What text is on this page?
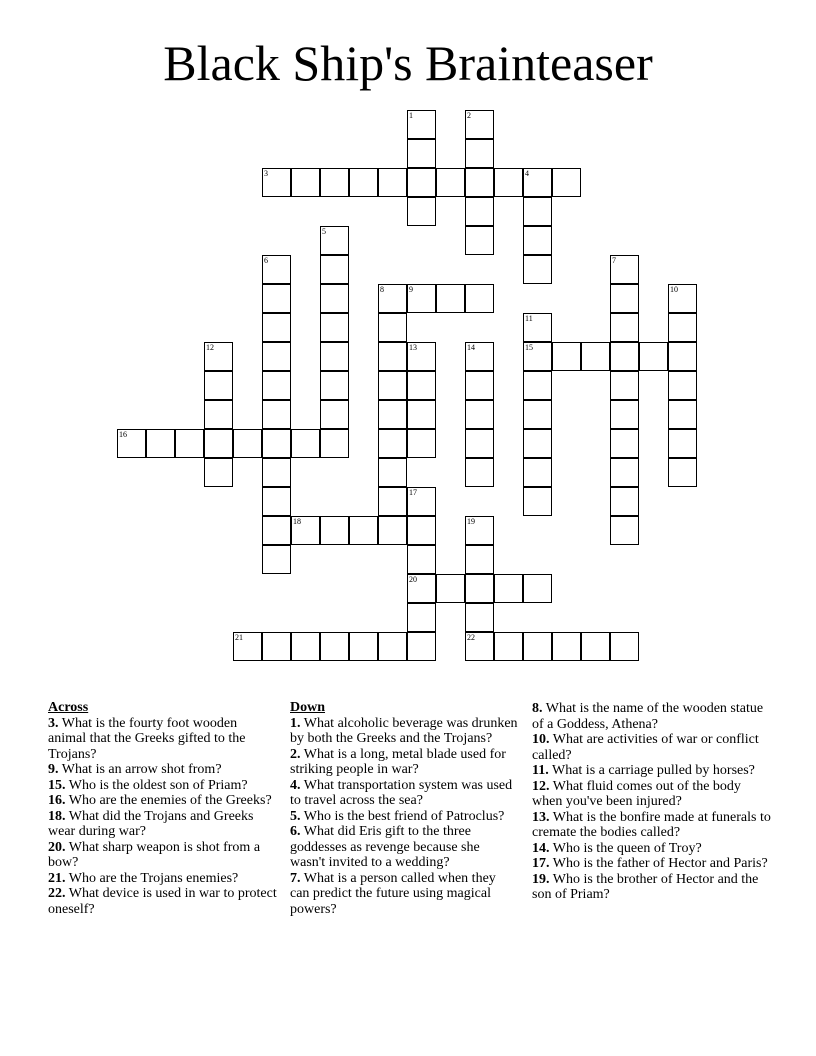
Black Ship's Brainteaser
1	2
3	4
5
6	7
8	9	10
11
12	13	14	15
16
17
18	19
20
21	22
Across
3. What is the fourty foot wooden animal that the Greeks gifted to the Trojans?
9. What is an arrow shot from?
15. Who is the oldest son of Priam?
16. Who are the enemies of the Greeks?
18. What did the Trojans and Greeks wear during war?
20. What sharp weapon is shot from a bow?
21. Who are the Trojans enemies?
22. What device is used in war to protect oneself?
Down
1. What alcoholic beverage was drunken by both the Greeks and the Trojans?
2. What is a long, metal blade used for striking people in war?
4. What transportation system was used to travel across the sea?
5. Who is the best friend of Patroclus?
6. What did Eris gift to the three goddesses as revenge because she wasn't invited to a wedding?
7. What is a person called when they can predict the future using magical powers?
8. What is the name of the wooden statue of a Goddess, Athena?
10. What are activities of war or conflict called?
11. What is a carriage pulled by horses?
12. What fluid comes out of the body when you've been injured?
13. What is the bonfire made at funerals to cremate the bodies called?
14. Who is the queen of Troy?
17. Who is the father of Hector and Paris?
19. Who is the brother of Hector and the son of Priam?
